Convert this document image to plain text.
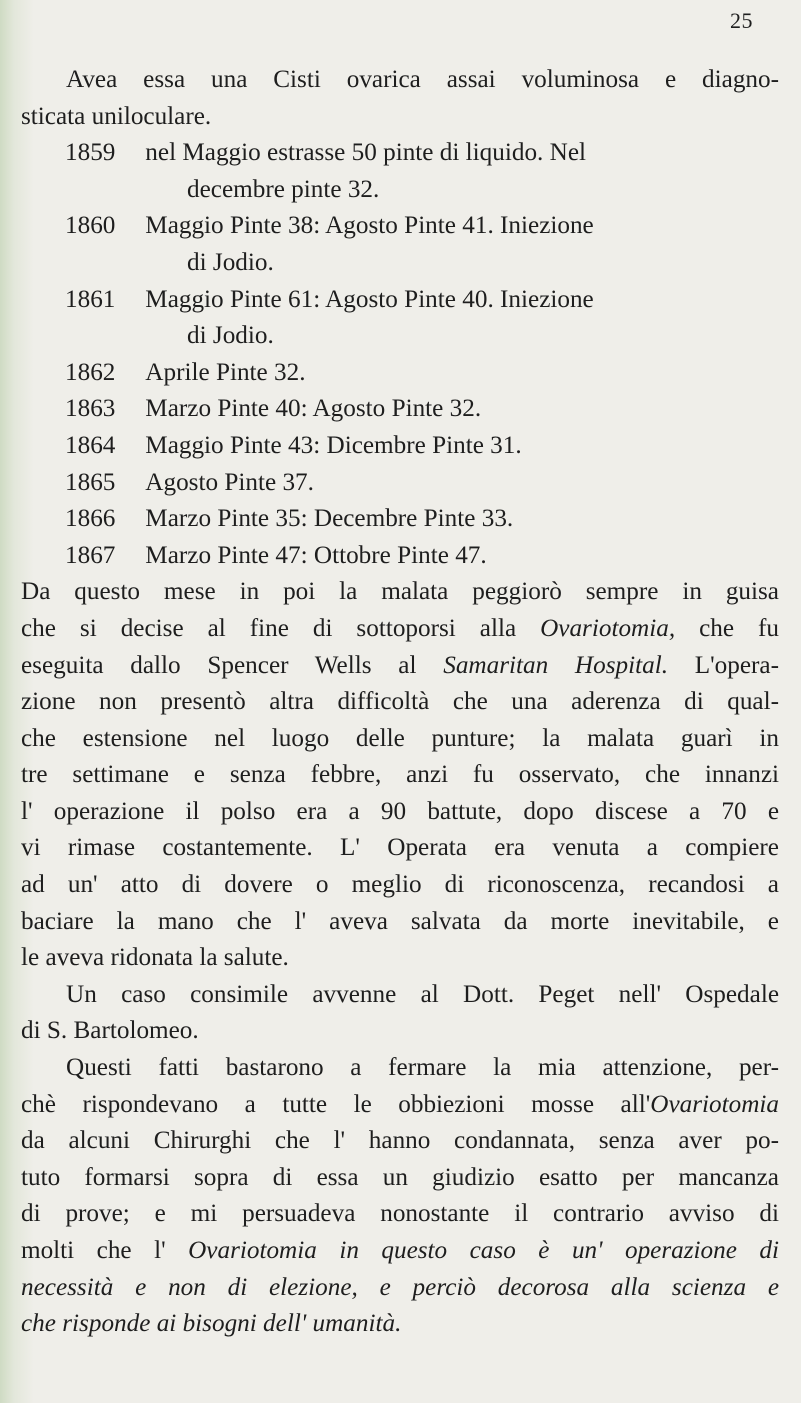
25
Avea essa una Cisti ovarica assai voluminosa e diagno-
sticata uniloculare.
1859 nel Maggio estrasse 50 pinte di liquido. Nel
decembre pinte 32.
1860 Maggio Pinte 38: Agosto Pinte 41. Iniezione
di Jodio.
1861 Maggio Pinte 61: Agosto Pinte 40. Iniezione
di Jodio.
1862 Aprile Pinte 32.
1863 Marzo Pinte 40: Agosto Pinte 32.
1864 Maggio Pinte 43: Dicembre Pinte 31.
1865 Agosto Pinte 37.
1866 Marzo Pinte 35: Decembre Pinte 33.
1867 Marzo Pinte 47: Ottobre Pinte 47.
Da questo mese in poi la malata peggiorò sempre in guisa
che si decise al fine di sottoporsi alla Ovariotomia, che fu
eseguita dallo Spencer Wells al Samaritan Hospital. L'opera-
zione non presentò altra difficoltà che una aderenza di qual-
che estensione nel luogo delle punture; la malata guarì in
tre settimane e senza febbre, anzi fu osservato, che innanzi
l' operazione il polso era a 90 battute, dopo discese a 70 e
vi rimase costantemente. L' Operata era venuta a compiere
ad un' atto di dovere o meglio di riconoscenza, recandosi a
baciare la mano che l' aveva salvata da morte inevitabile, e
le aveva ridonata la salute.
Un caso consimile avvenne al Dott. Peget nell' Ospedale
di S. Bartolomeo.
Questi fatti bastarono a fermare la mia attenzione, per-
chè rispondevano a tutte le obbiezioni mosse all'Ovariotomia
da alcuni Chirurghi che l' hanno condannata, senza aver po-
tuto formarsi sopra di essa un giudizio esatto per mancanza
di prove; e mi persuadeva nonostante il contrario avviso di
molti che l' Ovariotomia in questo caso è un' operazione di
necessità e non di elezione, e perciò decorosa alla scienza e
che risponde ai bisogni dell' umanità.
